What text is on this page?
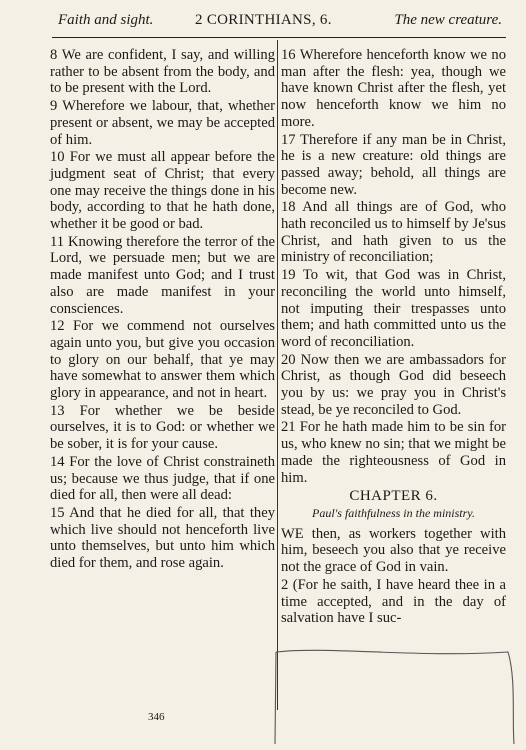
Faith and sight.	2 CORINTHIANS, 6.	The new creature.

8 We are confident, I say, and willing rather to be absent from the body, and to be present with the Lord.

9 Wherefore we labour, that, whether present or absent, we may be accepted of him.

10 For we must all appear before the judgment seat of Christ; that every one may receive the things done in his body, according to that he hath done, whether it be good or bad.

11 Knowing therefore the terror of the Lord, we persuade men; but we are made manifest unto God; and I trust also are made manifest in your consciences.

12 For we commend not ourselves again unto you, but give you occasion to glory on our behalf, that ye may have somewhat to answer them which glory in appearance, and not in heart.

13 For whether we be beside ourselves, it is to God: or whether we be sober, it is for your cause.

14 For the love of Christ constraineth us; because we thus judge, that if one died for all, then were all dead:

15 And that he died for all, that they which live should not henceforth live unto themselves, but unto him which died for them, and rose again.

16 Wherefore henceforth know we no man after the flesh: yea, though we have known Christ after the flesh, yet now henceforth know we him no more.

17 Therefore if any man be in Christ, he is a new creature: old things are passed away; behold, all things are become new.

18 And all things are of God, who hath reconciled us to himself by Je'sus Christ, and hath given to us the ministry of reconciliation;

19 To wit, that God was in Christ, reconciling the world unto himself, not imputing their trespasses unto them; and hath committed unto us the word of reconciliation.

20 Now then we are ambassadors for Christ, as though God did beseech you by us: we pray you in Christ's stead, be ye reconciled to God.

21 For he hath made him to be sin for us, who knew no sin; that we might be made the righteousness of God in him.

CHAPTER 6.
Paul's faithfulness in the ministry.

WE then, as workers together with him, beseech you also that ye receive not the grace of God in vain.

2 (For he saith, I have heard thee in a time accepted, and in the day of salvation have I suc-

346
